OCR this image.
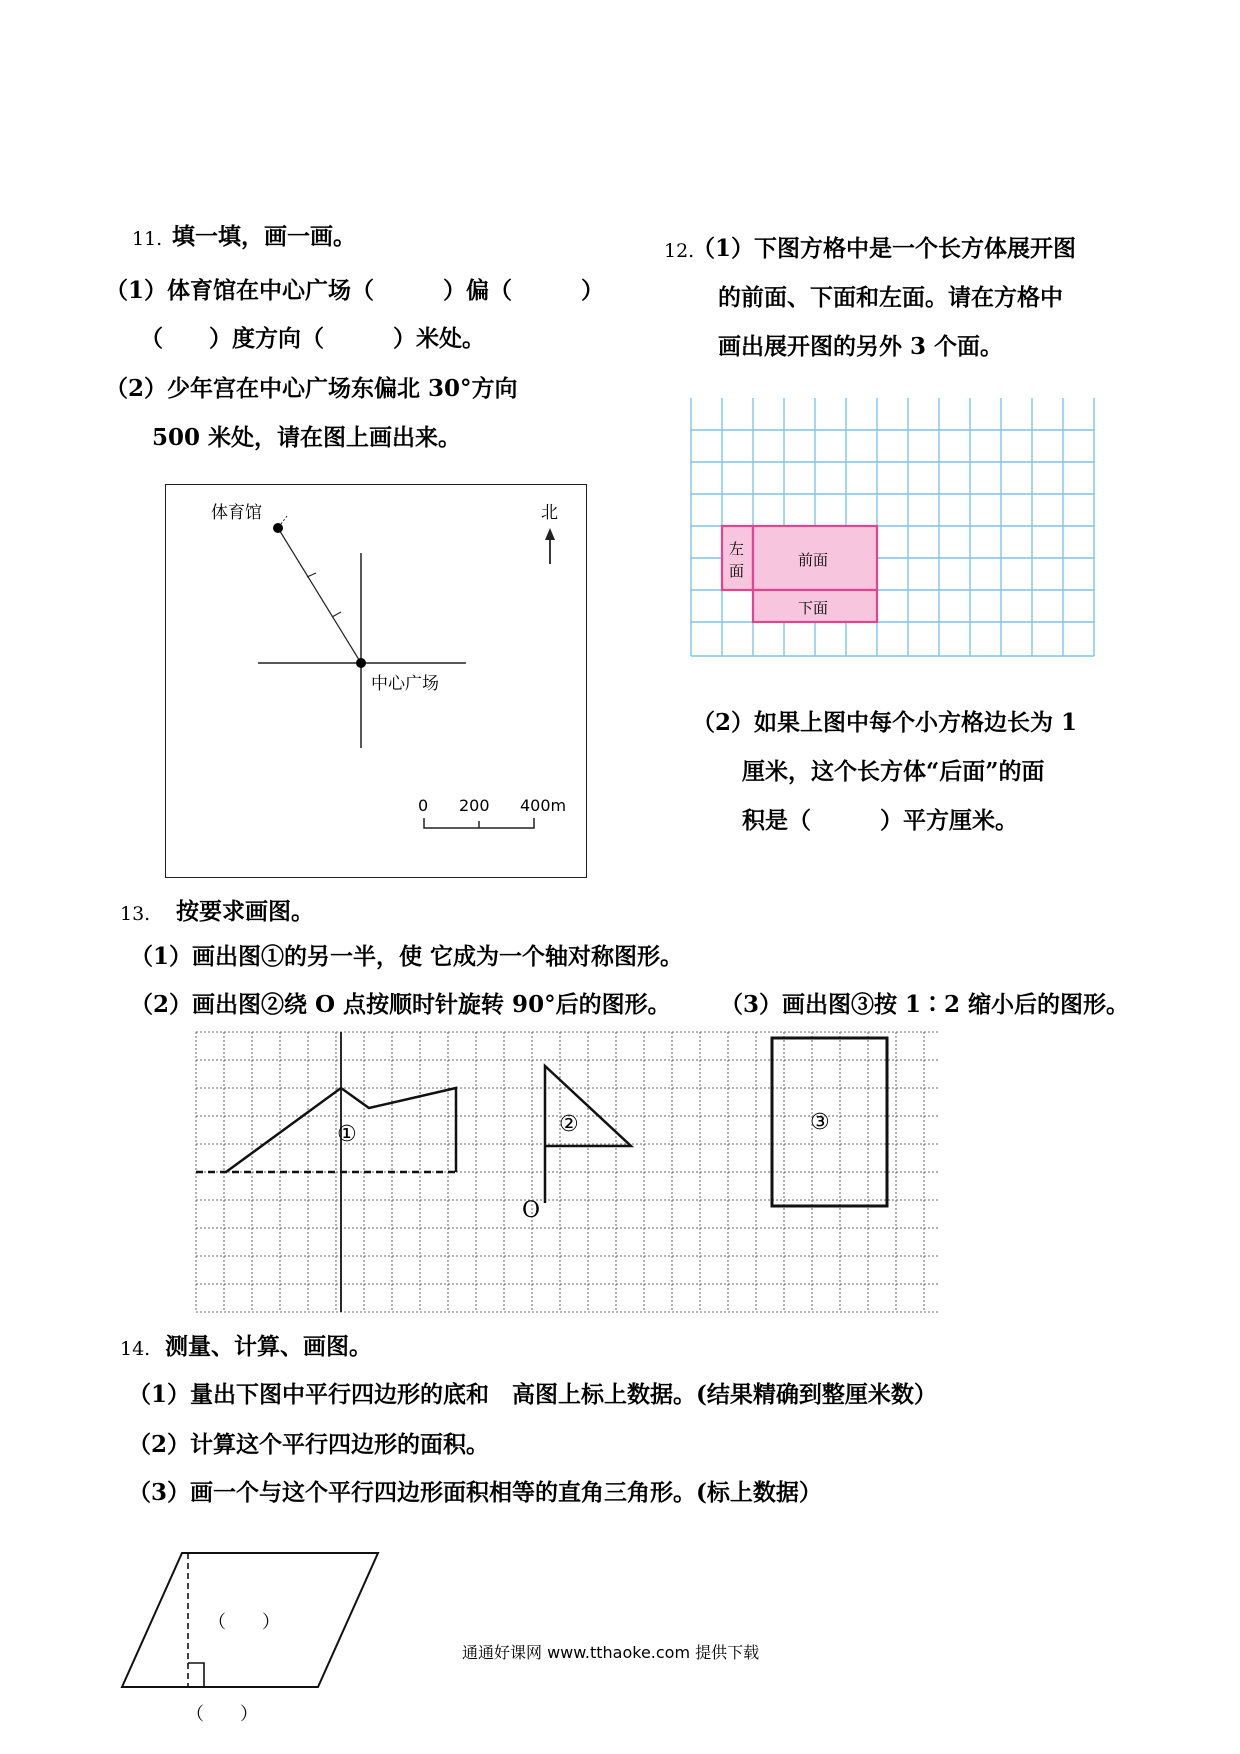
11. 填一填，画一画。
（1）体育馆在中心广场（　　　）偏（　　　）
（　　）度方向（　　　）米处。
（2）少年宫在中心广场东偏北 30°方向
500 米处，请在图上画出来。
体育馆	北
中心广场
0 200 400m
12.
（1）下图方格中是一个长方体展开图
的前面、下面和左面。请在方格中
画出展开图的另外 3 个面。
左
面
前面
下面
（2）如果上图中每个小方格边长为 1
厘米，这个长方体“后面”的面
积是（　　　）平方厘米。
13. 按要求画图。
（1）画出图①的另一半，使 它成为一个轴对称图形。
（2）画出图②绕 O 点按顺时针旋转 90°后的图形。 （3）画出图③按 1∶2 缩小后的图形。
①	②	③
O
14. 测量、计算、画图。
（1）量出下图中平行四边形的底和　高图上标上数据。(结果精确到整厘米数）
（2）计算这个平行四边形的面积。
（3）画一个与这个平行四边形面积相等的直角三角形。(标上数据）
（　　）
（　　）
通通好课网 www.tthaoke.com 提供下载
